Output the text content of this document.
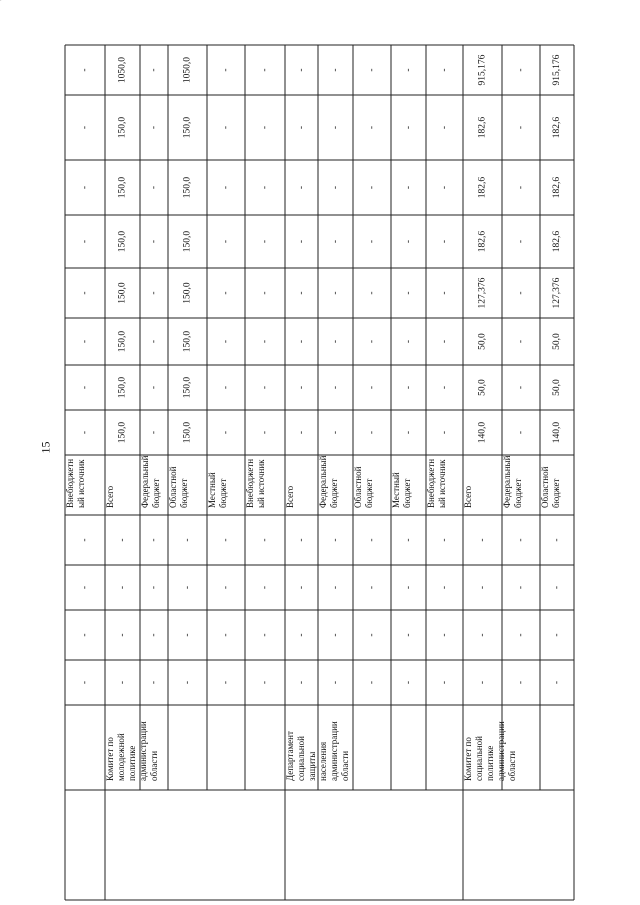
15
Внебюджетн ый источник
-
-
-
-
-
-
-
-
-
-
-
-
Всего
-
-
-
-
150,0
150,0
150,0
150,0
150,0
150,0
150,0
1050,0
Комитет по молодежной политике администрации области
Федеральный бюджет
-
-
-
-
-
-
-
-
-
-
-
-
Областной бюджет
-
-
-
-
150,0
150,0
150,0
150,0
150,0
150,0
150,0
1050,0
Местный бюджет
-
-
-
-
-
-
-
-
-
-
-
-
Внебюджетн ый источник
-
-
-
-
-
-
-
-
-
-
-
-
Всего
-
-
-
-
-
-
-
-
-
-
-
-
Департамент социальной защиты населения администрации области
Федеральный бюджет
-
-
-
-
-
-
-
-
-
-
-
-
Областной бюджет
-
-
-
-
-
-
-
-
-
-
-
-
Местный бюджет
-
-
-
-
-
-
-
-
-
-
-
-
Внебюджетн ый источник
-
-
-
-
-
-
-
-
-
-
-
-
Всего
-
-
-
-
140,0
50,0
50,0
127,376
182,6
182,6
182,6
915,176
Комитет по социальной политике администрации области
Федеральный бюджет
-
-
-
-
-
-
-
-
-
-
-
-
Областной бюджет
-
-
-
-
140,0
50,0
50,0
127,376
182,6
182,6
182,6
915,176
